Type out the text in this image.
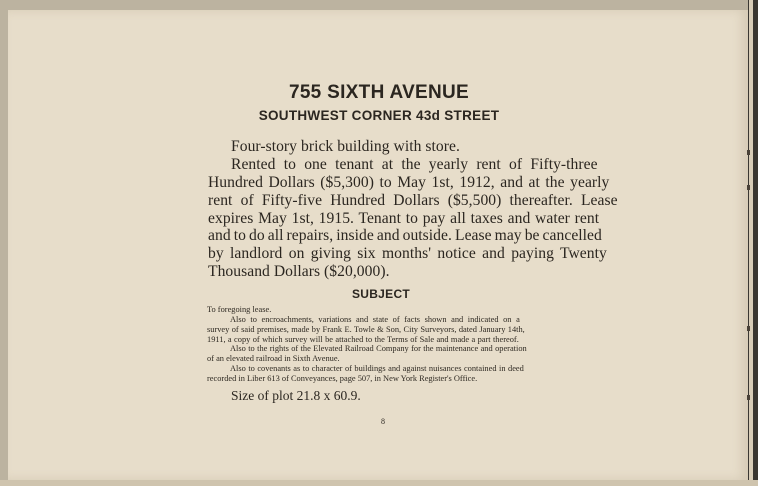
755 SIXTH AVENUE
SOUTHWEST CORNER 43d STREET
Four-story brick building with store.
Rented to one tenant at the yearly rent of Fifty-three
Hundred Dollars ($5,300) to May 1st, 1912, and at the yearly
rent of Fifty-five Hundred Dollars ($5,500) thereafter. Lease
expires May 1st, 1915. Tenant to pay all taxes and water rent
and to do all repairs, inside and outside. Lease may be cancelled
by landlord on giving six months' notice and paying Twenty
Thousand Dollars ($20,000).
SUBJECT
To foregoing lease.
Also to encroachments, variations and state of facts shown and indicated on a
survey of said premises, made by Frank E. Towle & Son, City Surveyors, dated January 14th,
1911, a copy of which survey will be attached to the Terms of Sale and made a part thereof.
Also to the rights of the Elevated Railroad Company for the maintenance and operation
of an elevated railroad in Sixth Avenue.
Also to covenants as to character of buildings and against nuisances contained in deed
recorded in Liber 613 of Conveyances, page 507, in New York Register's Office.
Size of plot 21.8 x 60.9.
8
